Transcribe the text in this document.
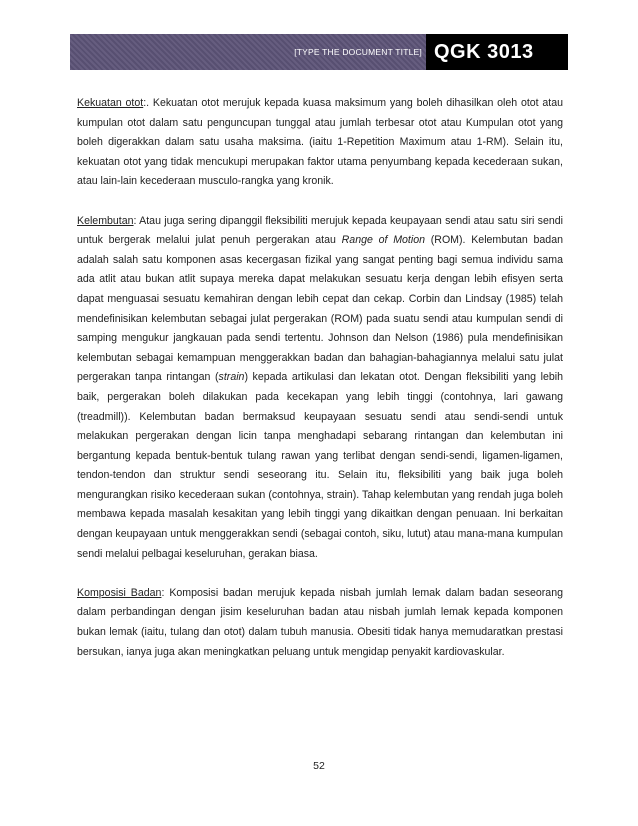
[TYPE THE DOCUMENT TITLE] QGK 3013

Kekuatan otot:. Kekuatan otot merujuk kepada kuasa maksimum yang boleh dihasilkan oleh otot atau kumpulan otot dalam satu penguncupan tunggal atau jumlah terbesar otot atau Kumpulan otot yang boleh digerakkan dalam satu usaha maksima. (iaitu 1-Repetition Maximum atau 1-RM). Selain itu, kekuatan otot yang tidak mencukupi merupakan faktor utama penyumbang kepada kecederaan sukan, atau lain-lain kecederaan musculo-rangka yang kronik.

Kelembutan: Atau juga sering dipanggil fleksibiliti merujuk kepada keupayaan sendi atau satu siri sendi untuk bergerak melalui julat penuh pergerakan atau Range of Motion (ROM). Kelembutan badan adalah salah satu komponen asas kecergasan fizikal yang sangat penting bagi semua individu sama ada atlit atau bukan atlit supaya mereka dapat melakukan sesuatu kerja dengan lebih efisyen serta dapat menguasai sesuatu kemahiran dengan lebih cepat dan cekap. Corbin dan Lindsay (1985) telah mendefinisikan kelembutan sebagai julat pergerakan (ROM) pada suatu sendi atau kumpulan sendi di samping mengukur jangkauan pada sendi tertentu. Johnson dan Nelson (1986) pula mendefinisikan kelembutan sebagai kemampuan menggerakkan badan dan bahagian-bahagiannya melalui satu julat pergerakan tanpa rintangan (strain) kepada artikulasi dan lekatan otot. Dengan fleksibiliti yang lebih baik, pergerakan boleh dilakukan pada kecekapan yang lebih tinggi (contohnya, lari gawang (treadmill)). Kelembutan badan bermaksud keupayaan sesuatu sendi atau sendi-sendi untuk melakukan pergerakan dengan licin tanpa menghadapi sebarang rintangan dan kelembutan ini bergantung kepada bentuk-bentuk tulang rawan yang terlibat dengan sendi-sendi, ligamen-ligamen, tendon-tendon dan struktur sendi seseorang itu. Selain itu, fleksibiliti yang baik juga boleh mengurangkan risiko kecederaan sukan (contohnya, strain). Tahap kelembutan yang rendah juga boleh membawa kepada masalah kesakitan yang lebih tinggi yang dikaitkan dengan penuaan. Ini berkaitan dengan keupayaan untuk menggerakkan sendi (sebagai contoh, siku, lutut) atau mana-mana kumpulan sendi melalui pelbagai keseluruhan, gerakan biasa.

Komposisi Badan: Komposisi badan merujuk kepada nisbah jumlah lemak dalam badan seseorang dalam perbandingan dengan jisim keseluruhan badan atau nisbah jumlah lemak kepada komponen bukan lemak (iaitu, tulang dan otot) dalam tubuh manusia. Obesiti tidak hanya memudaratkan prestasi bersukan, ianya juga akan meningkatkan peluang untuk mengidap penyakit kardiovaskular.

52
